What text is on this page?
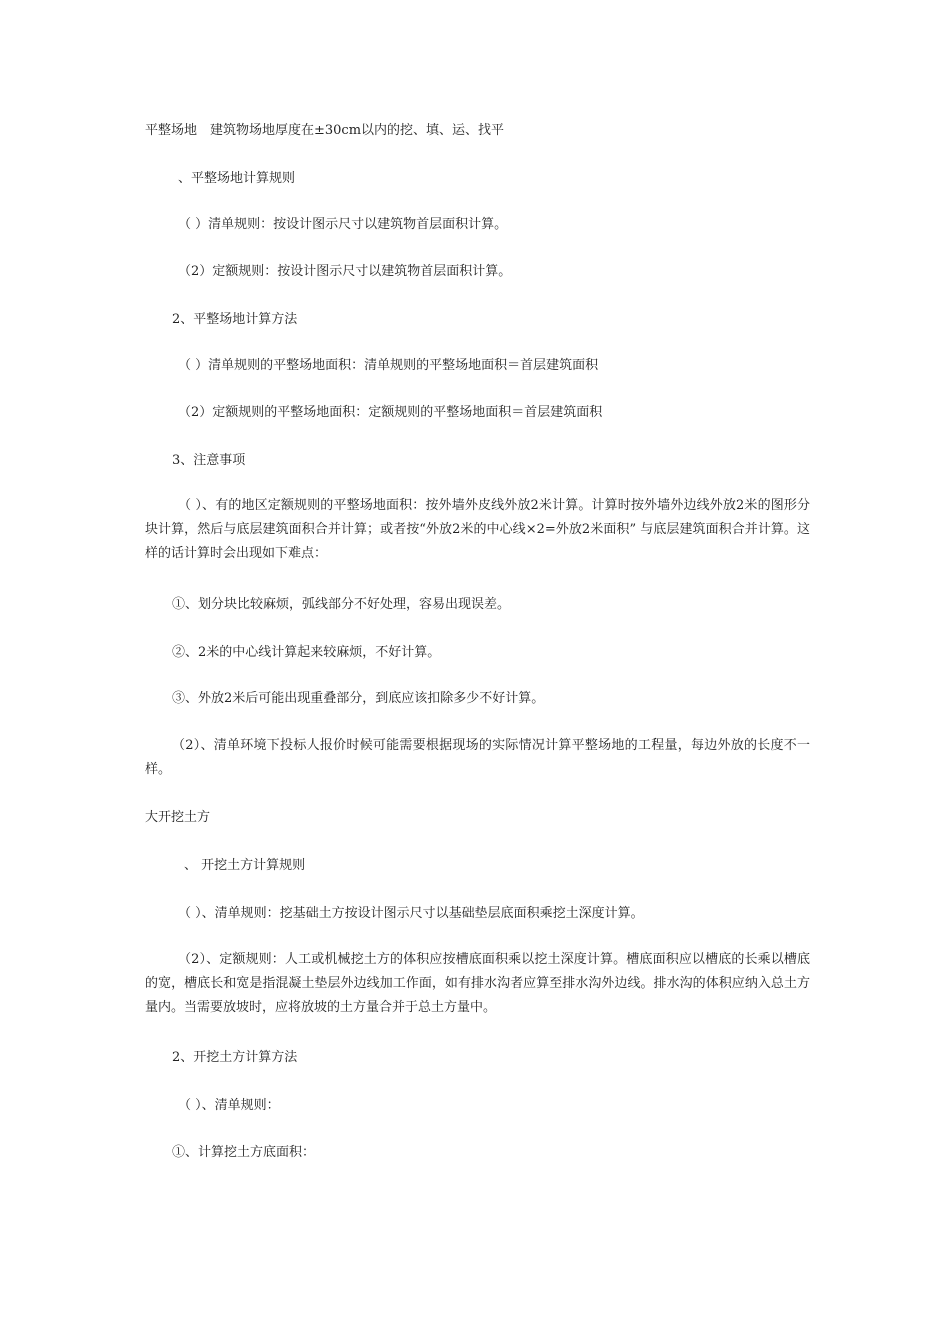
平整场地　建筑物场地厚度在±30cm以内的挖、填、运、找平
、平整场地计算规则
（ ）清单规则：按设计图示尺寸以建筑物首层面积计算。
（2）定额规则：按设计图示尺寸以建筑物首层面积计算。
2、平整场地计算方法
（ ）清单规则的平整场地面积：清单规则的平整场地面积＝首层建筑面积
（2）定额规则的平整场地面积：定额规则的平整场地面积＝首层建筑面积
3、注意事项
（ ）、有的地区定额规则的平整场地面积：按外墙外皮线外放2米计算。计算时按外墙外边线外放2米的图形分块计算，然后与底层建筑面积合并计算；或者按“外放2米的中心线×2=外放2米面积” 与底层建筑面积合并计算。这样的话计算时会出现如下难点：
①、划分块比较麻烦，弧线部分不好处理，容易出现误差。
②、2米的中心线计算起来较麻烦，不好计算。
③、外放2米后可能出现重叠部分，到底应该扣除多少不好计算。
（2）、清单环境下投标人报价时候可能需要根据现场的实际情况计算平整场地的工程量，每边外放的长度不一样。
大开挖土方
、 开挖土方计算规则
（ ）、清单规则：挖基础土方按设计图示尺寸以基础垫层底面积乘挖土深度计算。
（2）、定额规则：人工或机械挖土方的体积应按槽底面积乘以挖土深度计算。槽底面积应以槽底的长乘以槽底的宽，槽底长和宽是指混凝土垫层外边线加工作面，如有排水沟者应算至排水沟外边线。排水沟的体积应纳入总土方量内。当需要放坡时，应将放坡的土方量合并于总土方量中。
2、开挖土方计算方法
（ ）、清单规则：
①、计算挖土方底面积：
